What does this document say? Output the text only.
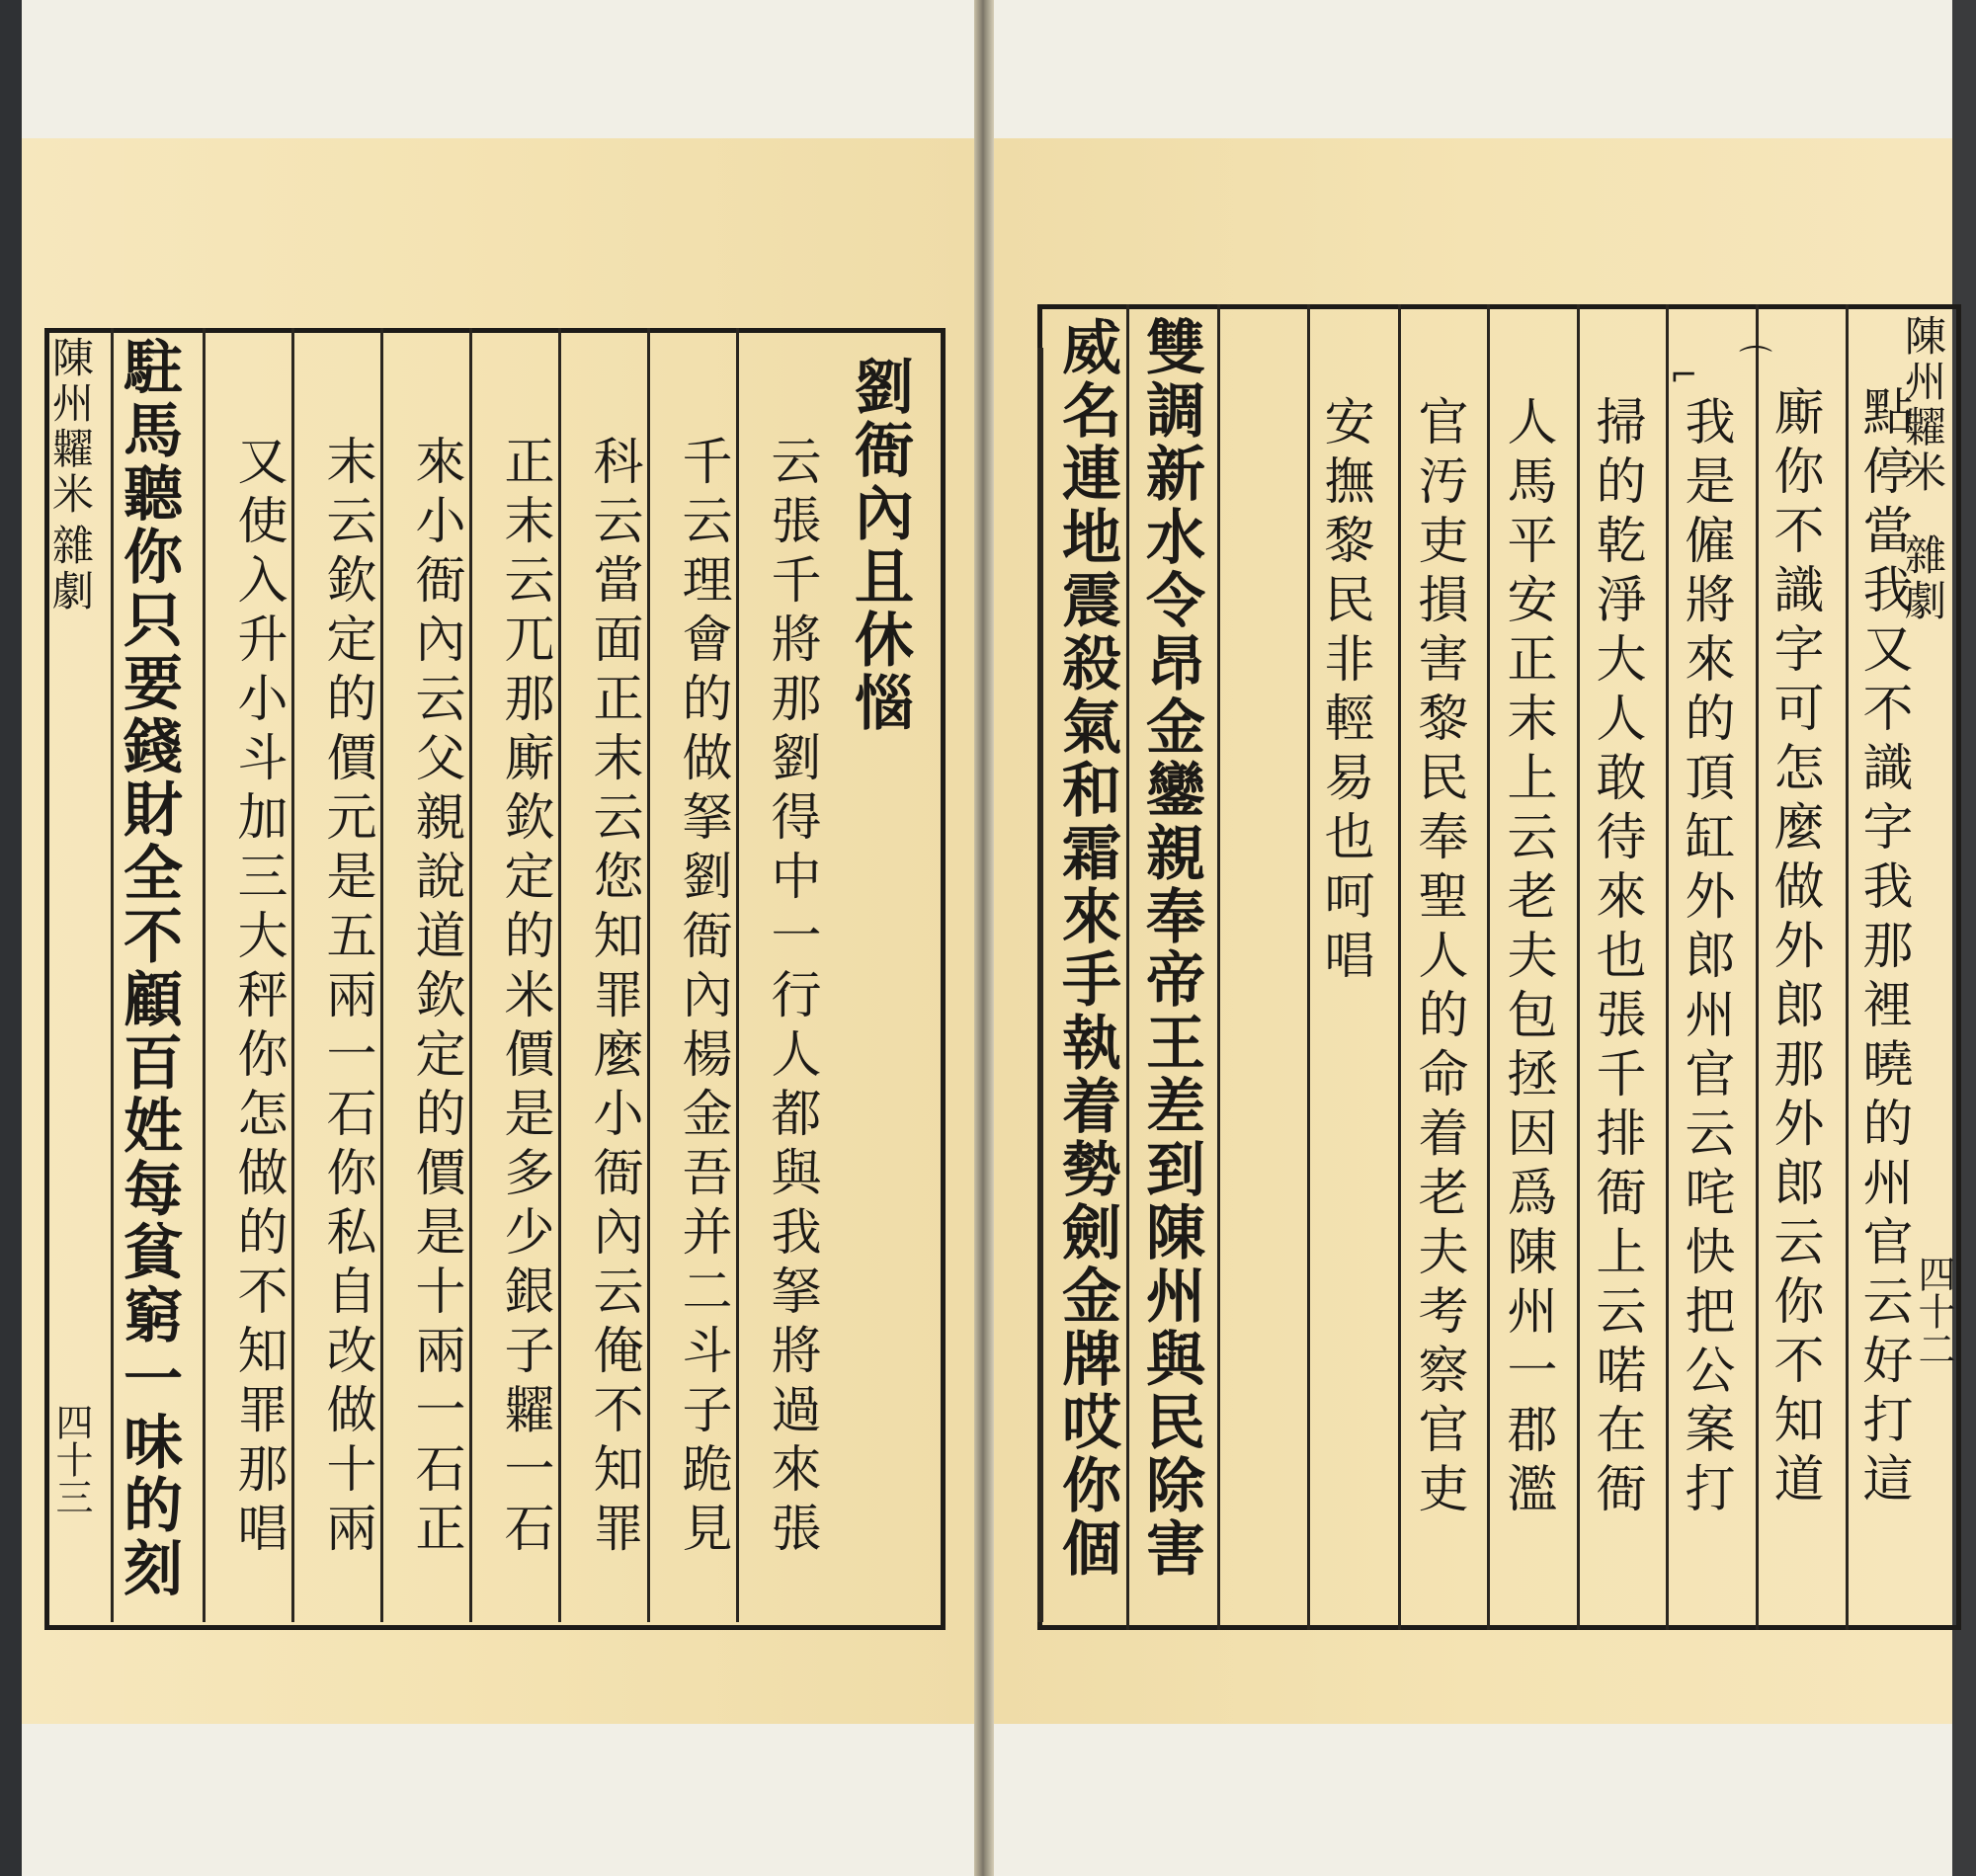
劉衙內且休惱
云張千將那劉得中一行人都與我拏將過來張
千云理會的做拏劉衙內楊金吾并二斗子跪見
科云當面正末云您知罪麼小衙內云俺不知罪
正末云兀那廝欽定的米價是多少銀子糶一石
來小衙內云父親說道欽定的價是十兩一石正
末云欽定的價元是五兩一石你私自改做十兩
又使入升小斗加三大秤你怎做的不知罪那唱
駐馬聽你只要錢財全不顧百姓每貧窮一味的刻
陳州糶米
雜劇
四十三	點停當我又不識字我那裡曉的州官云好打這
廝你不識字可怎麼做外郎那外郎云你不知道
我是僱將來的頂缸外郎州官云咤快把公案打
掃的乾淨大人敢待來也張千排衙上云喏在衙
人馬平安正末上云老夫包拯因爲陳州一郡濫
官汚吏損害黎民奉聖人的命着老夫考察官吏
安撫黎民非輕易也呵唱
雙調新水令昂金鑾親奉帝王差到陳州與民除害
威名連地震殺氣和霜來手執着勢劍金牌哎你個	陳州糶米
雜劇
四十二
⌒
⌐
